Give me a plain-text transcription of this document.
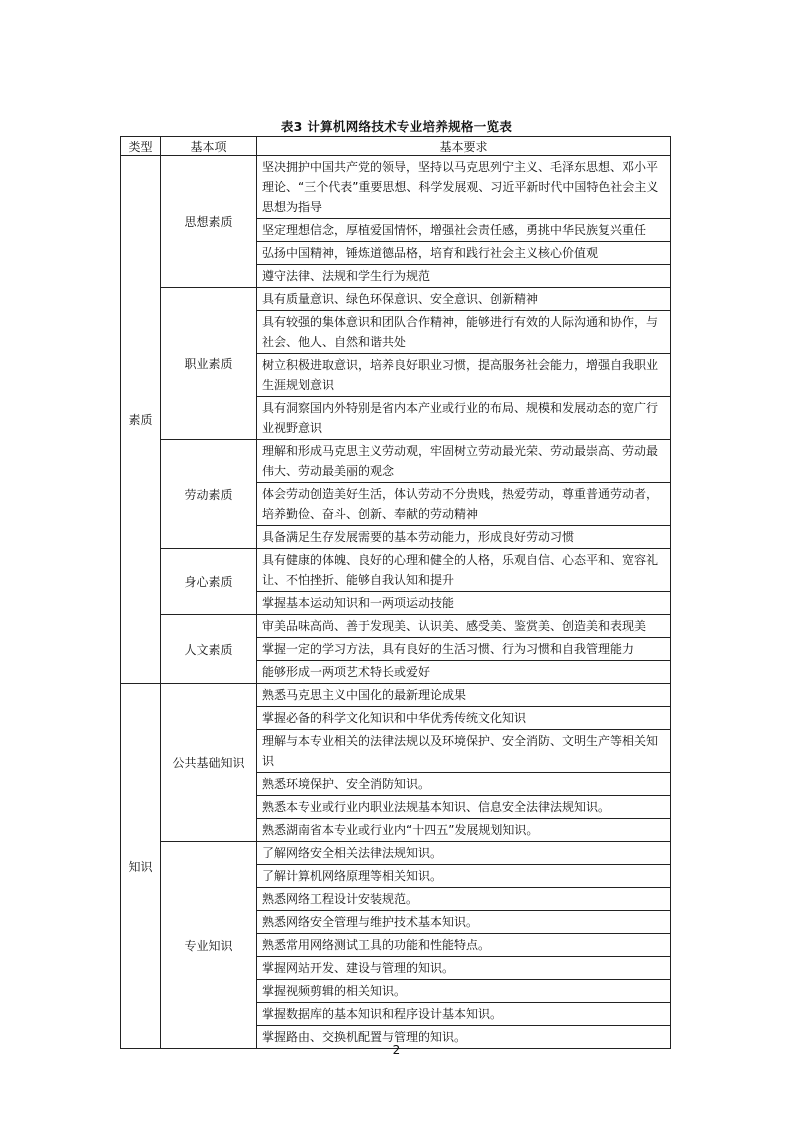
表3 计算机网络技术专业培养规格一览表
类型	基本项	基本要求
素质	思想素质	坚决拥护中国共产党的领导，坚持以马克思列宁主义、毛泽东思想、邓小平理论、“三个代表”重要思想、科学发展观、习近平新时代中国特色社会主义思想为指导
		坚定理想信念，厚植爱国情怀，增强社会责任感，勇挑中华民族复兴重任
		弘扬中国精神，锤炼道德品格，培育和践行社会主义核心价值观
		遵守法律、法规和学生行为规范
	职业素质	具有质量意识、绿色环保意识、安全意识、创新精神
		具有较强的集体意识和团队合作精神，能够进行有效的人际沟通和协作，与社会、他人、自然和谐共处
		树立积极进取意识，培养良好职业习惯，提高服务社会能力，增强自我职业生涯规划意识
		具有洞察国内外特别是省内本产业或行业的布局、规模和发展动态的宽广行业视野意识
	劳动素质	理解和形成马克思主义劳动观，牢固树立劳动最光荣、劳动最崇高、劳动最伟大、劳动最美丽的观念
		体会劳动创造美好生活，体认劳动不分贵贱，热爱劳动，尊重普通劳动者，培养勤俭、奋斗、创新、奉献的劳动精神
		具备满足生存发展需要的基本劳动能力，形成良好劳动习惯
	身心素质	具有健康的体魄、良好的心理和健全的人格，乐观自信、心态平和、宽容礼让、不怕挫折、能够自我认知和提升
		掌握基本运动知识和一两项运动技能
	人文素质	审美品味高尚、善于发现美、认识美、感受美、鉴赏美、创造美和表现美
		掌握一定的学习方法，具有良好的生活习惯、行为习惯和自我管理能力
		能够形成一两项艺术特长或爱好
知识	公共基础知识	熟悉马克思主义中国化的最新理论成果
		掌握必备的科学文化知识和中华优秀传统文化知识
		理解与本专业相关的法律法规以及环境保护、安全消防、文明生产等相关知识
		熟悉环境保护、安全消防知识。
		熟悉本专业或行业内职业法规基本知识、信息安全法律法规知识。
		熟悉湖南省本专业或行业内“十四五”发展规划知识。
	专业知识	了解网络安全相关法律法规知识。
		了解计算机网络原理等相关知识。
		熟悉网络工程设计安装规范。
		熟悉网络安全管理与维护技术基本知识。
		熟悉常用网络测试工具的功能和性能特点。
		掌握网站开发、建设与管理的知识。
		掌握视频剪辑的相关知识。
		掌握数据库的基本知识和程序设计基本知识。
		掌握路由、交换机配置与管理的知识。
2
